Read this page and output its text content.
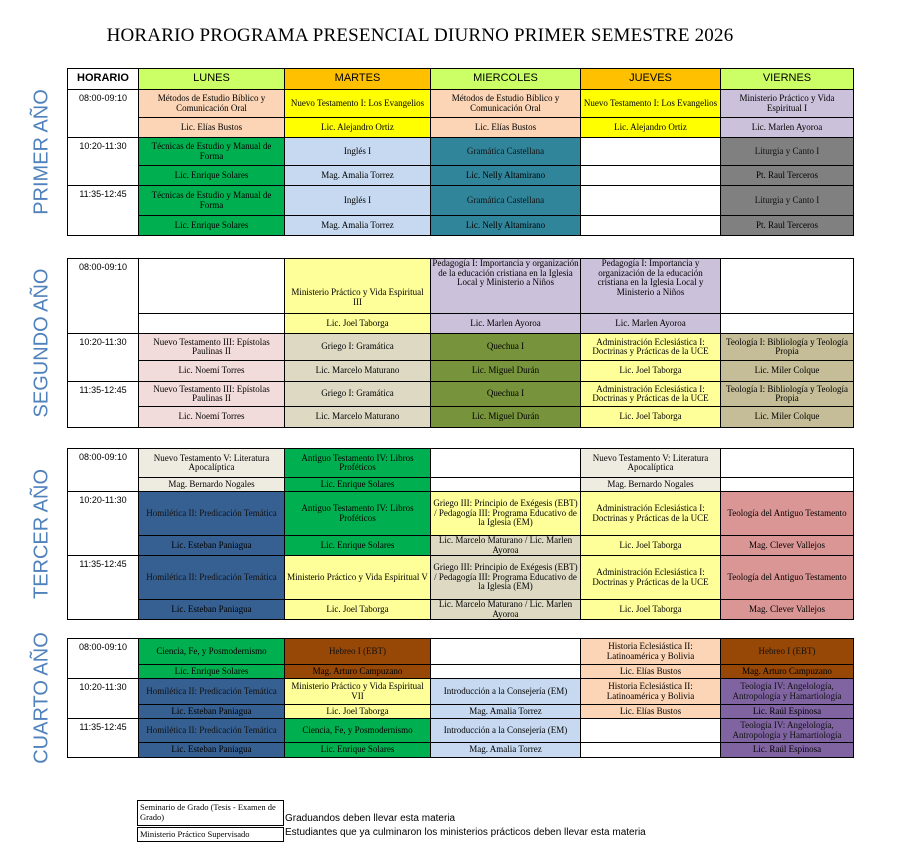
HORARIO PROGRAMA PRESENCIAL DIURNO PRIMER SEMESTRE 2026
HORARIO	LUNES	MARTES	MIERCOLES	JUEVES	VIERNES
08:00-09:10	Métodos de Estudio Bíblico y Comunicación Oral	Nuevo Testamento I: Los Evangelios	Métodos de Estudio Bíblico y Comunicación Oral	Nuevo Testamento I: Los Evangelios	Ministerio Práctico y Vida Espiritual I
	Lic. Elías Bustos	Lic. Alejandro Ortiz	Lic. Elías Bustos	Lic. Alejandro Ortiz	Lic. Marlen Ayoroa
10:20-11:30	Técnicas de Estudio y Manual de Forma	Inglés I	Gramática Castellana		Liturgia y Canto I
	Lic. Enrique Solares	Mag. Amalia Torrez	Lic. Nelly Altamirano		Pt. Raul Terceros
11:35-12:45	Técnicas de Estudio y Manual de Forma	Inglés I	Gramática Castellana		Liturgia y Canto I
	Lic. Enrique Solares	Mag. Amalia Torrez	Lic. Nelly Altamirano		Pt. Raul Terceros
PRIMER AÑO
08:00-09:10		Ministerio Práctico y Vida Espiritual III	Pedagogía I: Importancia y organización de la educación cristiana en la Iglesia Local y Ministerio a Niños	Pedagogía I: Importancia y organización de la educación cristiana en la Iglesia Local y Ministerio a Niños	
		Lic. Joel Taborga	Lic. Marlen Ayoroa	Lic. Marlen Ayoroa	
10:20-11:30	Nuevo Testamento III: Epístolas Paulinas II	Griego I: Gramática	Quechua I	Administración Eclesiástica I: Doctrinas y Prácticas de la UCE	Teología I: Bibliología y Teología Propia
	Lic. Noemí Torres	Lic. Marcelo Maturano	Lic. Miguel Durán	Lic. Joel Taborga	Lic. Miler Colque
11:35-12:45	Nuevo Testamento III: Epístolas Paulinas II	Griego I: Gramática	Quechua I	Administración Eclesiástica I: Doctrinas y Prácticas de la UCE	Teología I: Bibliología y Teología Propia
	Lic. Noemí Torres	Lic. Marcelo Maturano	Lic. Miguel Durán	Lic. Joel Taborga	Lic. Miler Colque
SEGUNDO AÑO
08:00-09:10	Nuevo Testamento V: Literatura Apocalíptica	Antiguo Testamento IV: Libros Proféticos		Nuevo Testamento V: Literatura Apocalíptica	
	Mag. Bernardo Nogales	Lic. Enrique Solares		Mag. Bernardo Nogales	
10:20-11:30	Homilética II: Predicación Temática	Antiguo Testamento IV: Libros Proféticos	Griego III: Principio de Exégesis (EBT) / Pedagogía III: Programa Educativo de la Iglesia (EM)	Administración Eclesiástica I: Doctrinas y Prácticas de la UCE	Teología del Antiguo Testamento
	Lic. Esteban Paniagua	Lic. Enrique Solares	Lic. Marcelo Maturano / Lic. Marlen Ayoroa	Lic. Joel Taborga	Mag. Clever Vallejos
11:35-12:45	Homilética II: Predicación Temática	Ministerio Práctico y Vida Espiritual V	Griego III: Principio de Exégesis (EBT) / Pedagogía III: Programa Educativo de la Iglesia (EM)	Administración Eclesiástica I: Doctrinas y Prácticas de la UCE	Teología del Antiguo Testamento
	Lic. Esteban Paniagua	Lic. Joel Taborga	Lic. Marcelo Maturano / Lic. Marlen Ayoroa	Lic. Joel Taborga	Mag. Clever Vallejos
TERCER AÑO
08:00-09:10	Ciencia, Fe, y Posmodernismo	Hebreo I (EBT)		Historia Eclesiástica II: Latinoamérica y Bolivia	Hebreo I (EBT)
	Lic. Enrique Solares	Mag. Arturo Campuzano		Lic. Elías Bustos	Mag. Arturo Campuzano
10:20-11:30	Homilética II: Predicación Temática	Ministerio Práctico y Vida Espiritual VII	Introducción a la Consejería (EM)	Historia Eclesiástica II: Latinoamérica y Bolivia	Teología IV: Angelología, Antropología y Hamartiología
	Lic. Esteban Paniagua	Lic. Joel Taborga	Mag. Amalia Torrez	Lic. Elías Bustos	Lic. Raúl Espinosa
11:35-12:45	Homilética II: Predicación Temática	Ciencia, Fe, y Posmodernismo	Introducción a la Consejería (EM)		Teología IV: Angelología, Antropología y Hamartiología
	Lic. Esteban Paniagua	Lic. Enrique Solares	Mag. Amalia Torrez		Lic. Raúl Espinosa
CUARTO AÑO
Seminario de Grado (Tesis - Examen de Grado)	Graduandos deben llevar esta materia
Ministerio Práctico Supervisado	Estudiantes que ya culminaron los ministerios prácticos deben llevar esta materia
